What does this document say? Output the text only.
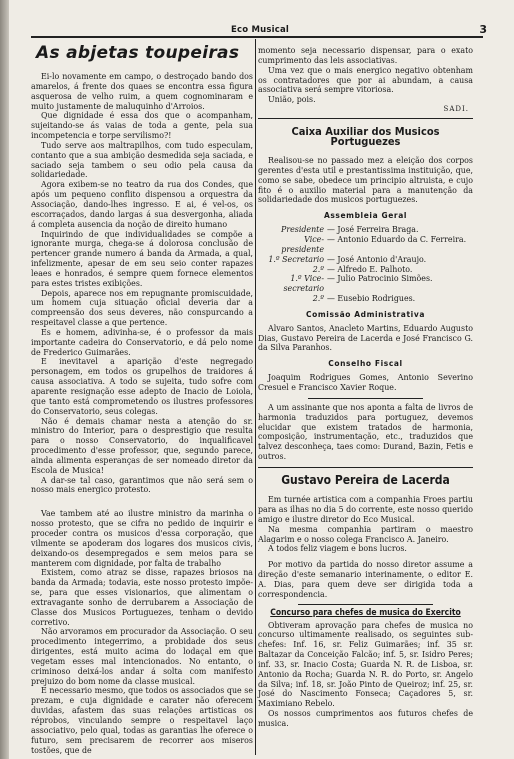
Eco Musical	3
As abjetas toupeiras

Ei-lo novamente em campo, o destroçado bando dos amarelos, á frente dos quaes se encontra essa figura asquerosa de velho ruim, a quem cognominaram e muito justamente de maluquinho d'Arroios.

Que dignidade é essa dos que o acompanham, sujeitando-se ás vaias de toda a gente, pela sua incompetencia e torpe servilismo?!

Tudo serve aos maltrapilhos, com tudo especulam, contanto que a sua ambição desmedida seja saciada, e saciado seja tambem o seu odio pela causa da solidariedade.

Agora exibem-se no teatro da rua dos Condes, que após um pequeno conflito dispensou a orquestra da Associação, dando-lhes ingresso. E ai, é vel-os, os escorraçados, dando largas á sua desvergonha, aliada á completa ausencia da noção de direito humano

Inquirindo de que individualidades se compõe a ignorante murga, chega-se á dolorosa conclusão de pertencer grande numero á banda da Armada, a qual, infelizmente, apesar de em seu seio conter rapazes leaes e honrados, é sempre quem fornece elementos para estes tristes exibições.

Depois, aparece nos em repugnante promiscuidade, um homem cuja situação oficial deveria dar a compreensão dos seus deveres, não conspurcando a respeitavel classe a que pertence.

Es e homem, adivinha-se, é o professor da mais importante cadeira do Conservatorio, e dá pelo nome de Frederico Guimarães.

E inevitavel a aparição d'este negregado personagem, em todos os grupelhos de traidores á causa associativa. A todo se sujeita, tudo sofre com aparente resignação esse adepto de Inacio de Loiola, que tanto está comprometendo os ilustres professores do Conservatorio, seus colegas.

Não é demais chamar nesta a atenção do sr. ministro do Interior, para o desprestigio que resulta para o nosso Conservatorio, do inqualificavel procedimento d'esse professor, que, segundo parece, ainda alimenta esperanças de ser nomeado diretor da Escola de Musica!

A dar-se tal caso, garantimos que não será sem o nosso mais energico protesto.

Vae tambem até ao ilustre ministro da marinha o nosso protesto, que se cifra no pedido de inquirir e proceder contra os musicos d'essa corporação, que vilmente se apoderam dos logares dos musicos civis, deixando-os desempregados e sem meios para se manterem com dignidade, por falta de trabalho

Existem, como atraz se disse, rapazes briosos na banda da Armada; todavia, este nosso protesto impõe-se, para que esses visionarios, que alimentam o extravagante sonho de derrubarem a Associação de Classe dos Musicos Portuguezes, tenham o devido corretivo.

Não arvoramos em procurador da Associação. O seu procedimento integerrimo, a probidade dos seus dirigentes, está muito acima do lodaçal em que vegetam esses mal intencionados. No entanto, o criminoso deixá-los andar á solta com manifesto prejuizo do bom nome da classe musical.

E necessario mesmo, que todos os associados que se prezam, e cuja dignidade e carater não oferecem duvidas, afastem das suas relações artisticas os réprobos, vinculando sempre o respeitavel laço associativo, pelo qual, todas as garantias lhe oferece o futuro, sem precisarem de recorrer aos miseros tostões, que de

momento seja necessario dispensar, para o exato cumprimento das leis associativas.

Uma vez que o mais energico negativo obtenham os contratadores que por ai abundam, a causa associativa será sempre vitoriosa.

União, pois.

SADI.
Caixa Auxiliar dos Musicos Portuguezes

Realisou-se no passado mez a eleição dos corpos gerentes d'esta util e prestantissima instituição, que, como se sabe, obedece um principio altruista, e cujo fito é o auxilio material para a manutenção da solidariedade dos musicos portuguezes.

Assembleia Geral
Presidente — José Ferreira Braga.
Vice-presidente
— Antonio Eduardo da C. Ferreira.
1.º Secretario — José Antonio d'Araujo.
2.º — Alfredo E. Palhoto.
1.º Vice-secretario
— Julio Patrocinio Simões.
2.º — Eusebio Rodrigues.
Comissão Administrativa

Alvaro Santos, Anacleto Martins, Eduardo Augusto Dias, Gustavo Pereira de Lacerda e José Francisco G. da Silva Paranhos.

Conselho Fiscal

Joaquim Rodrigues Gomes, Antonio Severino Cresuel e Francisco Xavier Roque.

A um assinante que nos aponta a falta de livros de harmonia traduzidos para portuguez, devemos elucidar que existem tratados de harmonia, composição, instrumentação, etc., traduzidos que talvez desconheça, taes como: Durand, Bazin, Fetis e outros.

Gustavo Pereira de Lacerda

Em turnée artistica com a companhia Froes partiu para as ilhas no dia 5 do corrente, este nosso querido amigo e ilustre diretor do Eco Musical.

Na mesma companhia partiram o maestro Alagarim e o nosso colega Francisco A. Janeiro.

A todos feliz viagem e bons lucros.

Por motivo da partida do nosso diretor assume a direção d'este semanario interinamente, o editor E. A. Dias, para quem deve ser dirigida toda a correspondencia.

Concurso para chefes de musica do Exercito

Obtiveram aprovação para chefes de musica no concurso ultimamente realisado, os seguintes sub-chefes: Inf. 16, sr. Feliz Guimarães; inf. 35 sr. Baltazar da Conceição Falcão; inf. 5, sr. Isidro Peres; inf. 33, sr. Inacio Costa; Guarda N. R. de Lisboa, sr. Antonio da Rocha; Guarda N. R. do Porto, sr. Angelo da Silva; inf. 18, sr. João Pinto de Queiroz; inf. 25, sr. José do Nascimento Fonseca; Caçadores 5, sr. Maximiano Rebelo.

Os nossos cumprimentos aos futuros chefes de musica.
